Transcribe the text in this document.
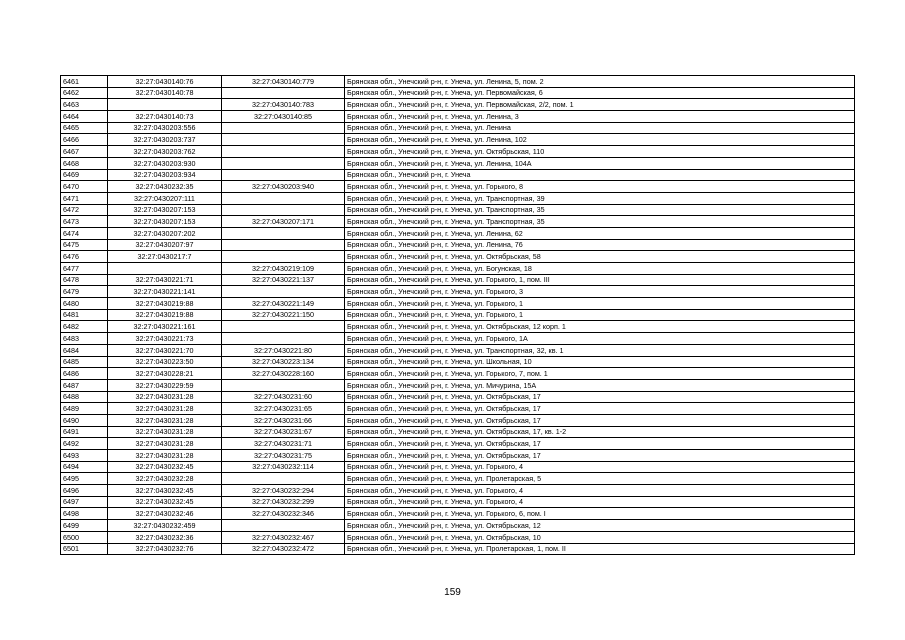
6461	32:27:0430140:76	32:27:0430140:779	Брянская обл., Унечский р-н, г. Унеча, ул. Ленина, 5, пом. 2
6462	32:27:0430140:78		Брянская обл., Унечский р-н, г. Унеча, ул. Первомайская, 6
6463		32:27:0430140:783	Брянская обл., Унечский р-н, г. Унеча, ул. Первомайская, 2/2, пом. 1
6464	32:27:0430140:73	32:27:0430140:85	Брянская обл., Унечский р-н, г. Унеча, ул. Ленина, 3
6465	32:27:0430203:556		Брянская обл., Унечский р-н, г. Унеча, ул. Ленина
6466	32:27:0430203:737		Брянская обл., Унечский р-н, г. Унеча, ул. Ленина, 102
6467	32:27:0430203:762		Брянская обл., Унечский р-н, г. Унеча, ул. Октябрьская, 110
6468	32:27:0430203:930		Брянская обл., Унечский р-н, г. Унеча, ул. Ленина, 104А
6469	32:27:0430203:934		Брянская обл., Унечский р-н, г. Унеча
6470	32:27:0430232:35	32:27:0430203:940	Брянская обл., Унечский р-н, г. Унеча, ул. Горького, 8
6471	32:27:0430207:111		Брянская обл., Унечский р-н, г. Унеча, ул. Транспортная, 39
6472	32:27:0430207:153		Брянская обл., Унечский р-н, г. Унеча, ул. Транспортная, 35
6473	32:27:0430207:153	32:27:0430207:171	Брянская обл., Унечский р-н, г. Унеча, ул. Транспортная, 35
6474	32:27:0430207:202		Брянская обл., Унечский р-н, г. Унеча, ул. Ленина, 62
6475	32:27:0430207:97		Брянская обл., Унечский р-н, г. Унеча, ул. Ленина, 76
6476	32:27:0430217:7		Брянская обл., Унечский р-н, г. Унеча, ул. Октябрьская, 58
6477		32:27:0430219:109	Брянская обл., Унечский р-н, г. Унеча, ул. Богунская, 18
6478	32:27:0430221:71	32:27:0430221:137	Брянская обл., Унечский р-н, г. Унеча, ул. Горького, 1, пом. III
6479	32:27:0430221:141		Брянская обл., Унечский р-н, г. Унеча, ул. Горького, 3
6480	32:27:0430219:88	32:27:0430221:149	Брянская обл., Унечский р-н, г. Унеча, ул. Горького, 1
6481	32:27:0430219:88	32:27:0430221:150	Брянская обл., Унечский р-н, г. Унеча, ул. Горького, 1
6482	32:27:0430221:161		Брянская обл., Унечский р-н, г. Унеча, ул. Октябрьская, 12 корп. 1
6483	32:27:0430221:73		Брянская обл., Унечский р-н, г. Унеча, ул. Горького, 1А
6484	32:27:0430221:70	32:27:0430221:80	Брянская обл., Унечский р-н, г. Унеча, ул. Транспортная, 32, кв. 1
6485	32:27:0430223:50	32:27:0430223:134	Брянская обл., Унечский р-н, г. Унеча, ул. Школьная, 10
6486	32:27:0430228:21	32:27:0430228:160	Брянская обл., Унечский р-н, г. Унеча, ул. Горького, 7, пом. 1
6487	32:27:0430229:59		Брянская обл., Унечский р-н, г. Унеча, ул. Мичурина, 15А
6488	32:27:0430231:28	32:27:0430231:60	Брянская обл., Унечский р-н, г. Унеча, ул. Октябрьская, 17
6489	32:27:0430231:28	32:27:0430231:65	Брянская обл., Унечский р-н, г. Унеча, ул. Октябрьская, 17
6490	32:27:0430231:28	32:27:0430231:66	Брянская обл., Унечский р-н, г. Унеча, ул. Октябрьская, 17
6491	32:27:0430231:28	32:27:0430231:67	Брянская обл., Унечский р-н, г. Унеча, ул. Октябрьская, 17, кв. 1-2
6492	32:27:0430231:28	32:27:0430231:71	Брянская обл., Унечский р-н, г. Унеча, ул. Октябрьская, 17
6493	32:27:0430231:28	32:27:0430231:75	Брянская обл., Унечский р-н, г. Унеча, ул. Октябрьская, 17
6494	32:27:0430232:45	32:27:0430232:114	Брянская обл., Унечский р-н, г. Унеча, ул. Горького, 4
6495	32:27:0430232:28		Брянская обл., Унечский р-н, г. Унеча, ул. Пролетарская, 5
6496	32:27:0430232:45	32:27:0430232:294	Брянская обл., Унечский р-н, г. Унеча, ул. Горького, 4
6497	32:27:0430232:45	32:27:0430232:299	Брянская обл., Унечский р-н, г. Унеча, ул. Горького, 4
6498	32:27:0430232:46	32:27:0430232:346	Брянская обл., Унечский р-н, г. Унеча, ул. Горького, 6, пом. I
6499	32:27:0430232:459		Брянская обл., Унечский р-н, г. Унеча, ул. Октябрьская, 12
6500	32:27:0430232:36	32:27:0430232:467	Брянская обл., Унечский р-н, г. Унеча, ул. Октябрьская, 10
6501	32:27:0430232:76	32:27:0430232:472	Брянская обл., Унечский р-н, г. Унеча, ул. Пролетарская, 1, пом. II
159
